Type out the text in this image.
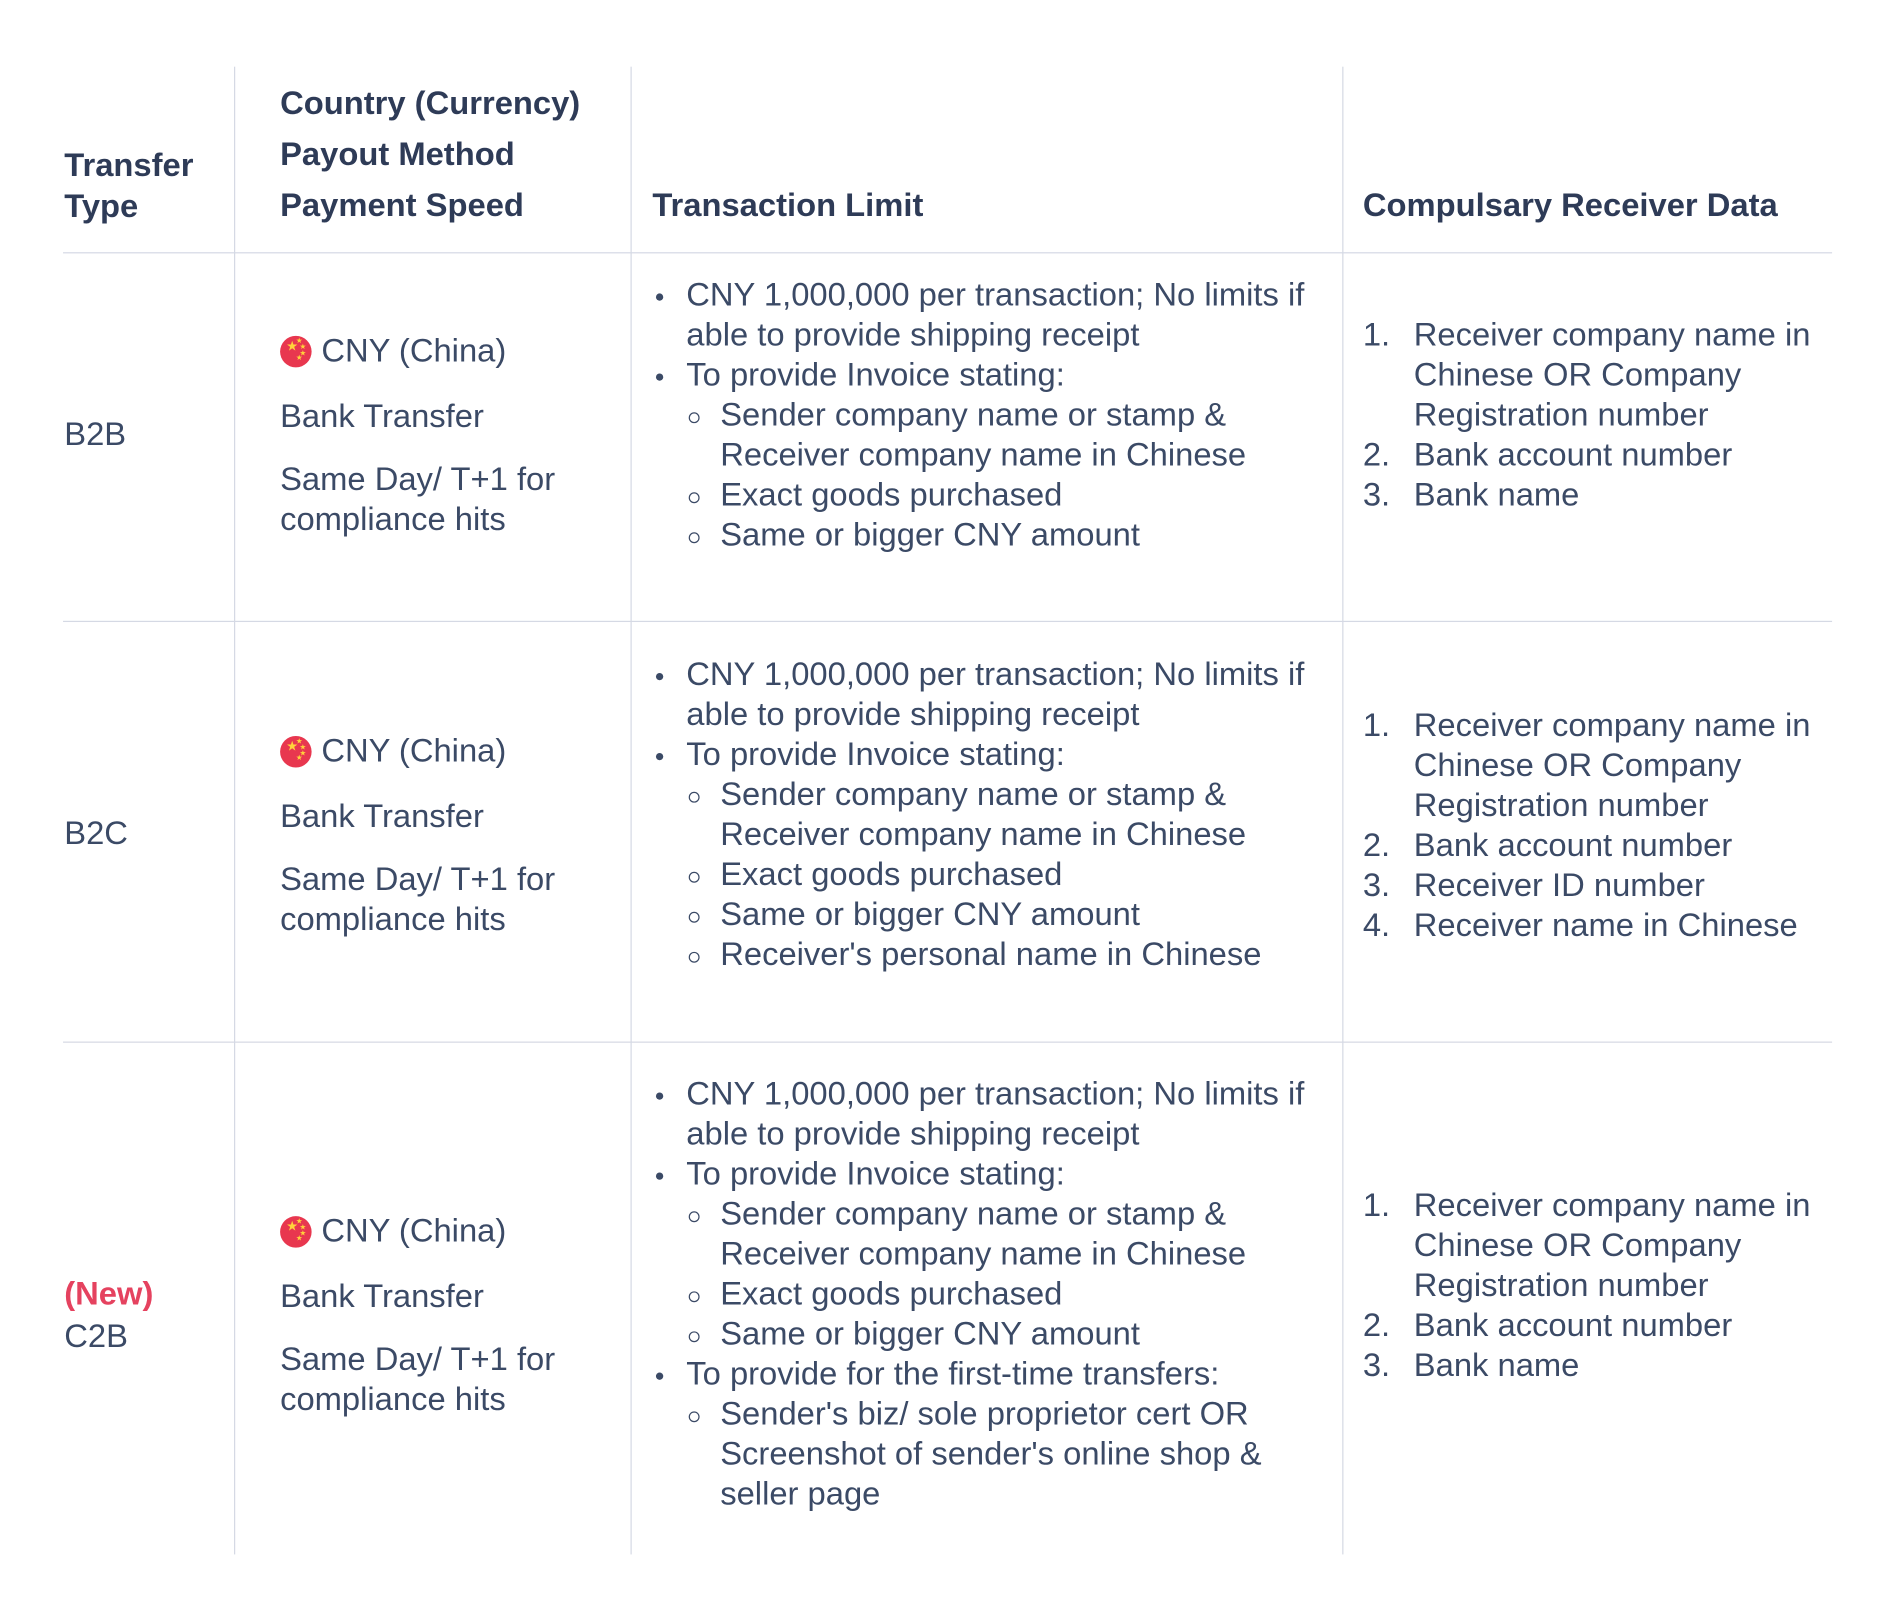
Transfer
Type
Country (Currency)
Payout Method
Payment Speed	Transaction Limit	Compulsary Receiver Data
B2B
★
★
★
★
★ CNY (China)
Bank Transfer
Same Day/ T+1 for compliance hits
CNY 1,000,000 per transaction; No limits if able to provide shipping receipt
To provide Invoice stating:
Sender company name or stamp & Receiver company name in Chinese
Exact goods purchased
Same or bigger CNY amount
1. Receiver company name in Chinese OR Company Registration number
2. Bank account number
3. Bank name
B2C
★
★
★
★
★ CNY (China)
Bank Transfer
Same Day/ T+1 for compliance hits
CNY 1,000,000 per transaction; No limits if able to provide shipping receipt
To provide Invoice stating:
Sender company name or stamp & Receiver company name in Chinese
Exact goods purchased
Same or bigger CNY amount
Receiver's personal name in Chinese
1. Receiver company name in Chinese OR Company Registration number
2. Bank account number
3. Receiver ID number
4. Receiver name in Chinese
(New)
C2B
★
★
★
★
★ CNY (China)
Bank Transfer
Same Day/ T+1 for compliance hits
CNY 1,000,000 per transaction; No limits if able to provide shipping receipt
To provide Invoice stating:
Sender company name or stamp & Receiver company name in Chinese
Exact goods purchased
Same or bigger CNY amount
To provide for the first-time transfers:
Sender's biz/ sole proprietor cert OR Screenshot of sender's online shop & seller page
1. Receiver company name in Chinese OR Company Registration number
2. Bank account number
3. Bank name
